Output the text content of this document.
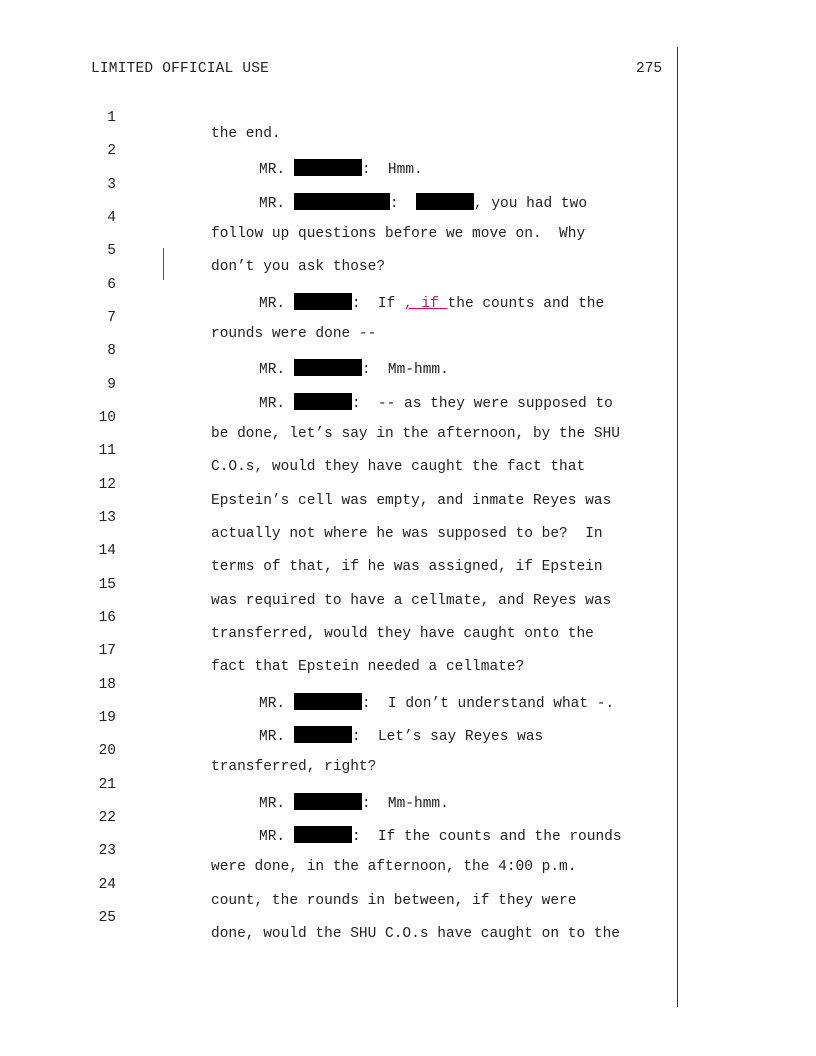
LIMITED OFFICIAL USE	275

1

the end.

2

MR.	:  Hmm.

3

MR.	:	, you had two

4

follow up questions before we move on.  Why

5

don’t you ask those?

6

MR.	:  If , if the counts and the

7

rounds were done --

8

MR.	:  Mm-hmm.

9

MR.	:  -- as they were supposed to

10

be done, let’s say in the afternoon, by the SHU

11

C.O.s, would they have caught the fact that

12

Epstein’s cell was empty, and inmate Reyes was

13

actually not where he was supposed to be?  In

14

terms of that, if he was assigned, if Epstein

15

was required to have a cellmate, and Reyes was

16

transferred, would they have caught onto the

17

fact that Epstein needed a cellmate?

18

MR.	:  I don’t understand what -.

19

MR.	:  Let’s say Reyes was

20

transferred, right?

21

MR.	:  Mm-hmm.

22

MR.	:  If the counts and the rounds

23

were done, in the afternoon, the 4:00 p.m.

24

count, the rounds in between, if they were

25

done, would the SHU C.O.s have caught on to the
